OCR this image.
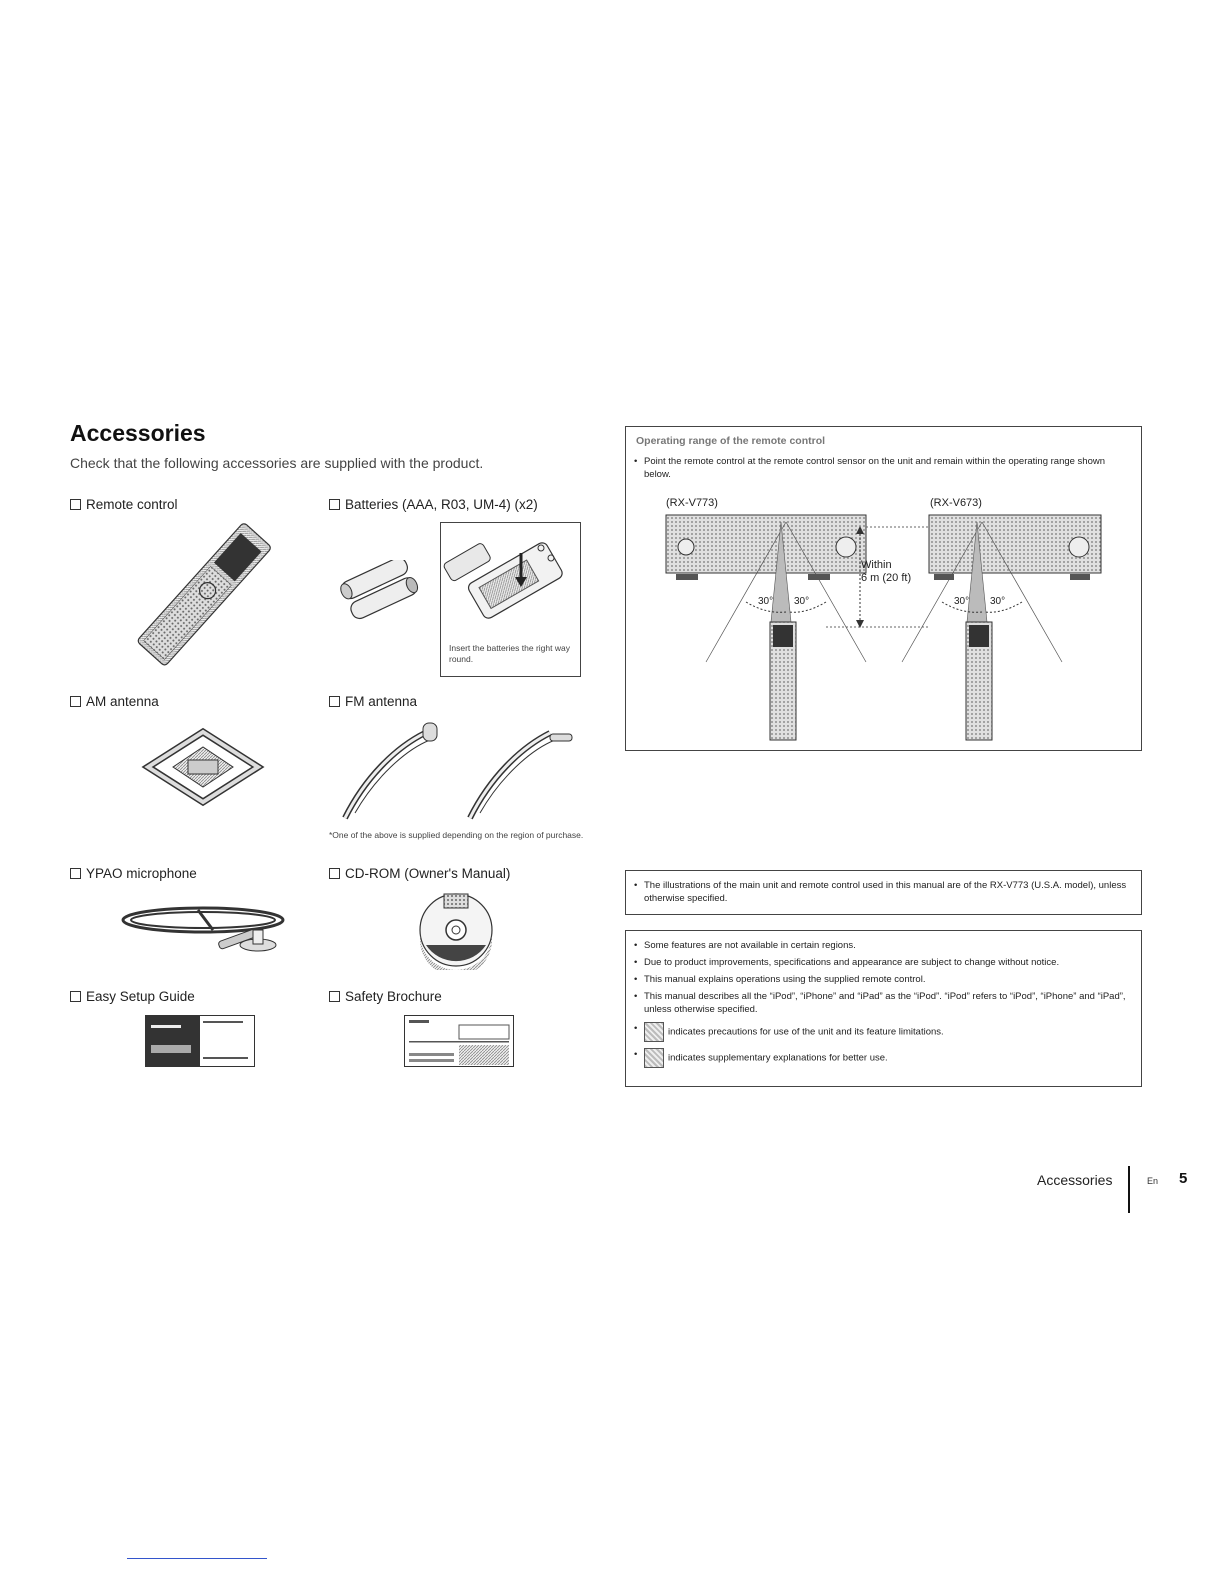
Accessories
Check that the following accessories are supplied with the product.
Remote control	Batteries (AAA, R03, UM-4) (x2)
AM antenna	FM antenna
YPAO microphone	CD-ROM (Owner's Manual)
Easy Setup Guide	Safety Brochure
Insert the batteries the right way round.
*One of the above is supplied depending on the region of purchase.
Operating range of the remote control
• Point the remote control at the remote control sensor on the unit and remain within the operating range shown below.
(RX-V773)	(RX-V673)
Within
6 m (20 ft)
30° 30°	30° 30°
• The illustrations of the main unit and remote control used in this manual are of the RX-V773 (U.S.A. model), unless otherwise specified.
• Some features are not available in certain regions.
• Due to product improvements, specifications and appearance are subject to change without notice.
• This manual explains operations using the supplied remote control.
• This manual describes all the “iPod”, “iPhone” and “iPad” as the “iPod”. “iPod” refers to “iPod”, “iPhone” and “iPad”, unless otherwise specified.
• indicates precautions for use of the unit and its feature limitations.
• indicates supplementary explanations for better use.
Accessories	En 5
